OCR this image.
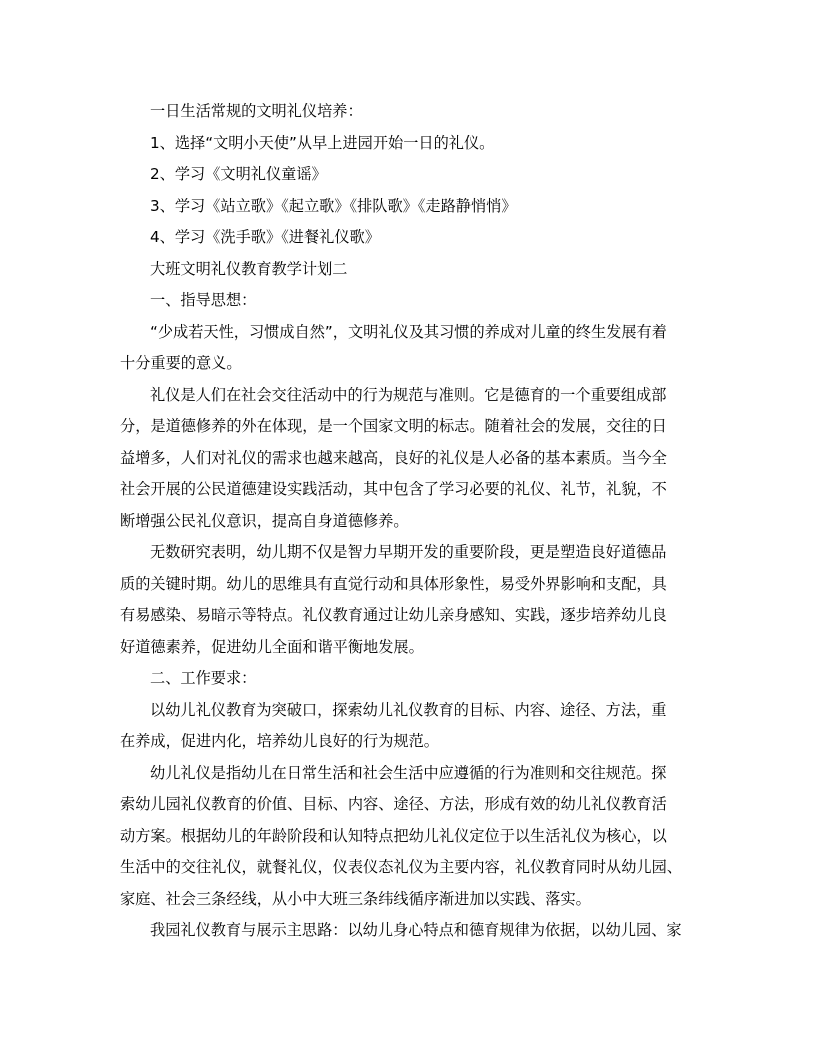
一日生活常规的文明礼仪培养：

1、选择“文明小天使”从早上进园开始一日的礼仪。

2、学习《文明礼仪童谣》

3、学习《站立歌》《起立歌》《排队歌》《走路静悄悄》

4、学习《洗手歌》《进餐礼仪歌》

大班文明礼仪教育教学计划二

一、指导思想：

“少成若天性，习惯成自然”，文明礼仪及其习惯的养成对儿童的终生发展有着

十分重要的意义。

礼仪是人们在社会交往活动中的行为规范与准则。它是德育的一个重要组成部

分，是道德修养的外在体现，是一个国家文明的标志。随着社会的发展，交往的日

益增多，人们对礼仪的需求也越来越高，良好的礼仪是人必备的基本素质。当今全

社会开展的公民道德建设实践活动，其中包含了学习必要的礼仪、礼节，礼貌，不

断增强公民礼仪意识，提高自身道德修养。

无数研究表明，幼儿期不仅是智力早期开发的重要阶段，更是塑造良好道德品

质的关键时期。幼儿的思维具有直觉行动和具体形象性，易受外界影响和支配，具

有易感染、易暗示等特点。礼仪教育通过让幼儿亲身感知、实践，逐步培养幼儿良

好道德素养，促进幼儿全面和谐平衡地发展。

二、工作要求：

以幼儿礼仪教育为突破口，探索幼儿礼仪教育的目标、内容、途径、方法，重

在养成，促进内化，培养幼儿良好的行为规范。

幼儿礼仪是指幼儿在日常生活和社会生活中应遵循的行为准则和交往规范。探

索幼儿园礼仪教育的价值、目标、内容、途径、方法，形成有效的幼儿礼仪教育活

动方案。根据幼儿的年龄阶段和认知特点把幼儿礼仪定位于以生活礼仪为核心，以

生活中的交往礼仪，就餐礼仪，仪表仪态礼仪为主要内容，礼仪教育同时从幼儿园、

家庭、社会三条经线，从小中大班三条纬线循序渐进加以实践、落实。

我园礼仪教育与展示主思路：以幼儿身心特点和德育规律为依据，以幼儿园、家
